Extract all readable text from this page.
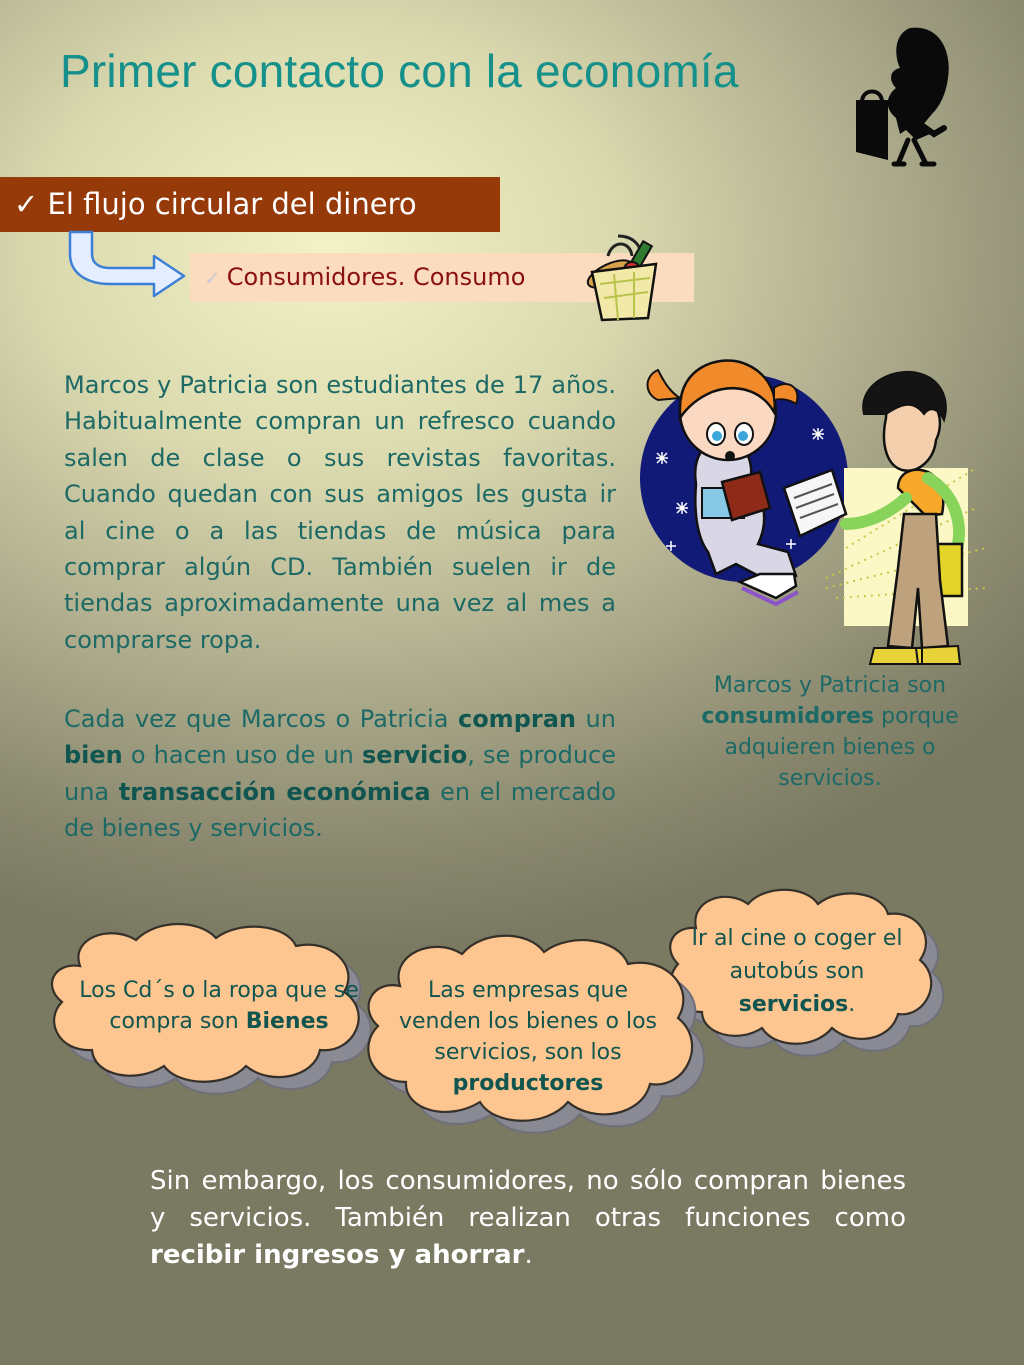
Primer contacto con la economía
✓ El flujo circular del dinero
✓ Consumidores. Consumo
Marcos y Patricia son estudiantes de 17 años. Habitualmente compran un refresco cuando salen de clase o sus revistas favoritas. Cuando quedan con sus amigos les gusta ir al cine o a las tiendas de música para comprar algún CD. También suelen ir de tiendas aproximadamente una vez al mes a comprarse ropa.
Cada vez que Marcos o Patricia compran un bien o hacen uso de un servicio, se produce una transacción económica en el mercado de bienes y servicios.
Marcos y Patricia son consumidores porque adquieren bienes o servicios.
Los Cd´s o la ropa que se compra son Bienes
Ir al cine o coger el autobús son servicios.
Las empresas que venden los bienes o los servicios, son los productores
Sin embargo, los consumidores, no sólo compran bienes y servicios. También realizan otras funciones como recibir ingresos y ahorrar.
